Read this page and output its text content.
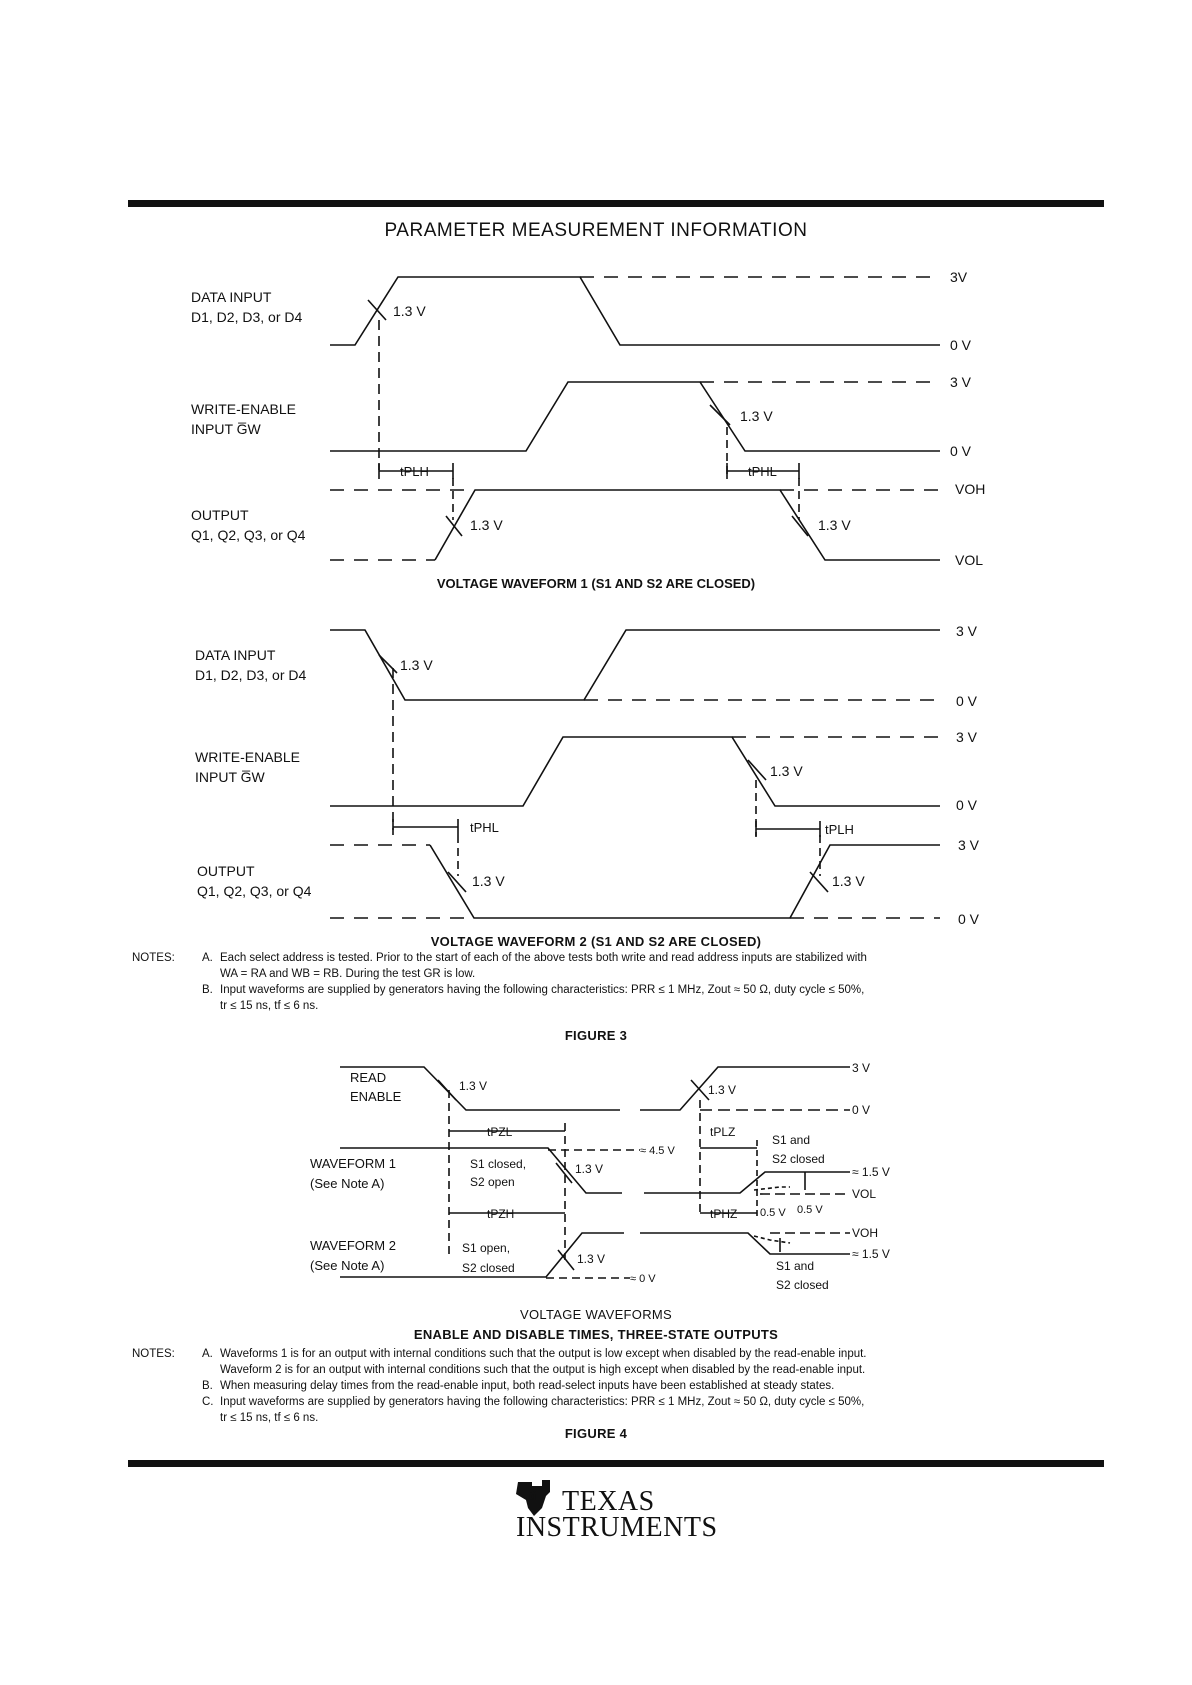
PARAMETER MEASUREMENT INFORMATION
DATA INPUT
D1, D2, D3, or D4	1.3 V
3V
0 V
WRITE-ENABLE
INPUT G̅W
1.3 V
3 V
0 V
tPLH	tPHL
OUTPUT
Q1, Q2, Q3, or Q4
1.3 V	1.3 V
VOH
VOL
VOLTAGE WAVEFORM 1 (S1 AND S2 ARE CLOSED)
DATA INPUT
D1, D2, D3, or D4
1.3 V
3 V
0 V
WRITE-ENABLE
INPUT G̅W	1.3 V
3 V
0 V
tPHL	tPLH
OUTPUT
Q1, Q2, Q3, or Q4
1.3 V	1.3 V
3 V
0 V
VOLTAGE WAVEFORM 2 (S1 AND S2 ARE CLOSED)
NOTES:	A. Each select address is tested. Prior to the start of each of the above tests both write and read address inputs are stabilized with
WA = RA and WB = RB. During the test GR is low.
B. Input waveforms are supplied by generators having the following characteristics: PRR ≤ 1 MHz, Zout ≈ 50 Ω, duty cycle ≤ 50%,
tr ≤ 15 ns, tf ≤ 6 ns.
FIGURE 3
READ
ENABLE
1.3 V	1.3 V
3 V
0 V
tPZL	tPLZ
WAVEFORM 1
(See Note A)
S1 closed,
S2 open
1.3 V
≈ 4.5 V
S1 and
S2 closed
≈ 1.5 V
VOL
tPZH	tPHZ 0.5 V 0.5 V
VOH
WAVEFORM 2
(See Note A)
S1 open,
S2 closed
1.3 V
≈ 0 V
≈ 1.5 V
S1 and
S2 closed
VOLTAGE WAVEFORMS
ENABLE AND DISABLE TIMES, THREE-STATE OUTPUTS
NOTES:	A. Waveforms 1 is for an output with internal conditions such that the output is low except when disabled by the read-enable input.
Waveform 2 is for an output with internal conditions such that the output is high except when disabled by the read-enable input.
B. When measuring delay times from the read-enable input, both read-select inputs have been established at steady states.
C. Input waveforms are supplied by generators having the following characteristics: PRR ≤ 1 MHz, Zout ≈ 50 Ω, duty cycle ≤ 50%,
tr ≤ 15 ns, tf ≤ 6 ns.
FIGURE 4
ti TEXAS
INSTRUMENTS
